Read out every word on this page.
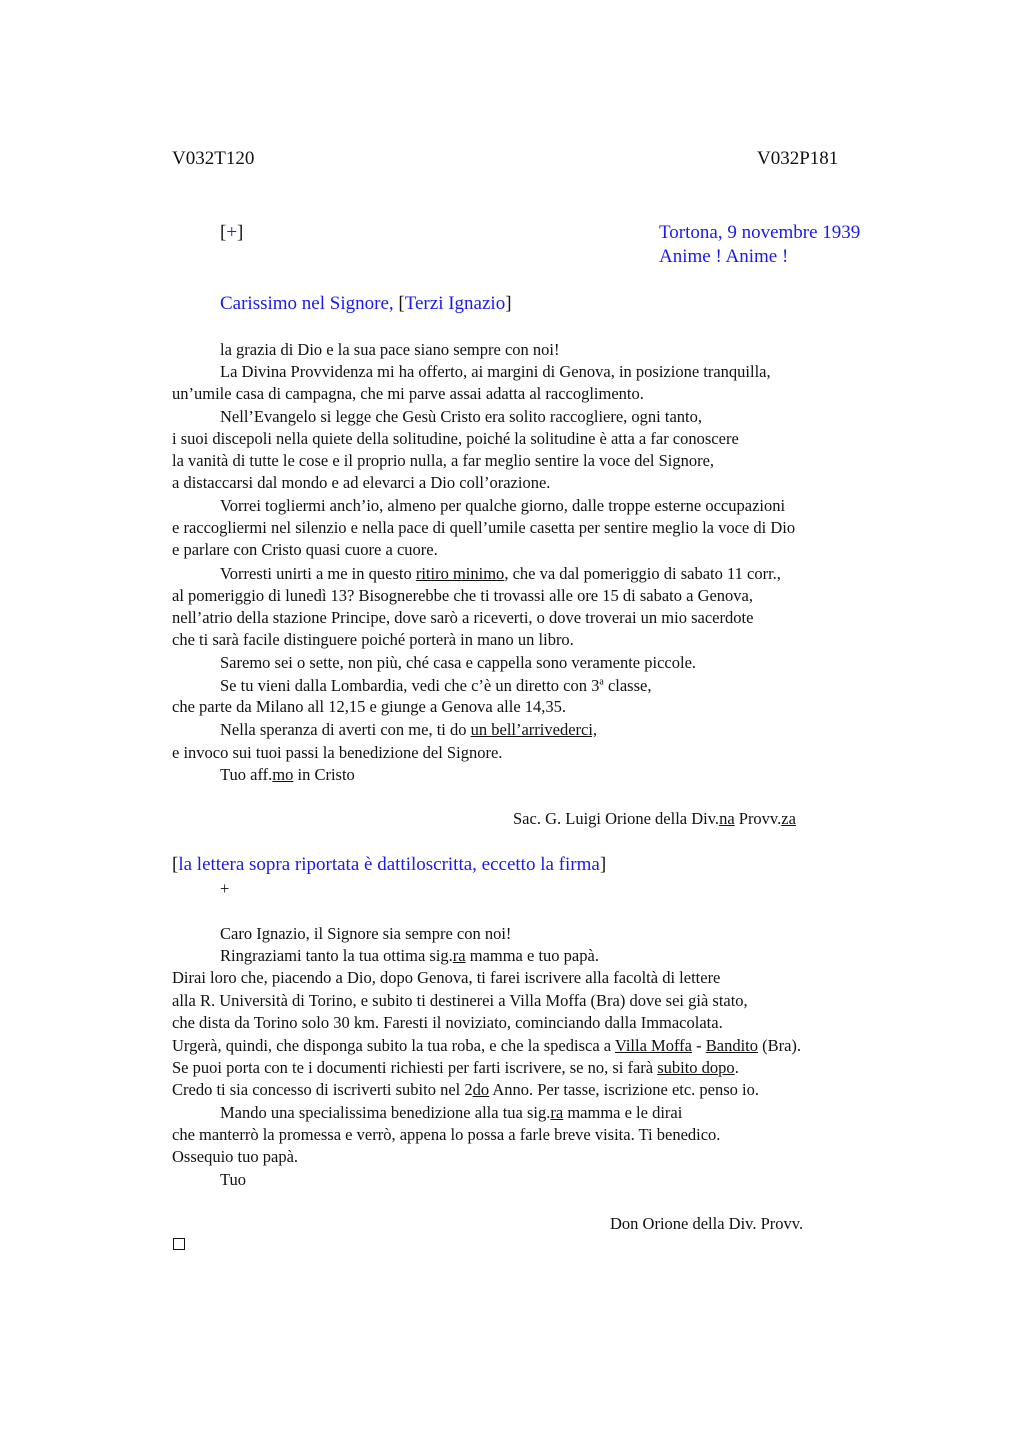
V032T120	V032P181
[+]	Tortona, 9 novembre 1939
Anime ! Anime !
Carissimo nel Signore, [Terzi Ignazio]
la grazia di Dio e la sua pace siano sempre con noi!
La Divina Provvidenza mi ha offerto, ai margini di Genova, in posizione tranquilla,
un’umile casa di campagna, che mi parve assai adatta al raccoglimento.
Nell’Evangelo si legge che Gesù Cristo era solito raccogliere, ogni tanto,
i suoi discepoli nella quiete della solitudine, poiché la solitudine è atta a far conoscere
la vanità di tutte le cose e il proprio nulla, a far meglio sentire la voce del Signore,
a distaccarsi dal mondo e ad elevarci a Dio coll’orazione.
Vorrei togliermi anch’io, almeno per qualche giorno, dalle troppe esterne occupazioni
e raccogliermi nel silenzio e nella pace di quell’umile casetta per sentire meglio la voce di Dio
e parlare con Cristo quasi cuore a cuore.
Vorresti unirti a me in questo ritiro minimo, che va dal pomeriggio di sabato 11 corr.,
al pomeriggio di lunedì 13? Bisognerebbe che ti trovassi alle ore 15 di sabato a Genova,
nell’atrio della stazione Principe, dove sarò a riceverti, o dove troverai un mio sacerdote
che ti sarà facile distinguere poiché porterà in mano un libro.
Saremo sei o sette, non più, ché casa e cappella sono veramente piccole.
Se tu vieni dalla Lombardia, vedi che c’è un diretto con 3$^a$ classe,
che parte da Milano all 12,15 e giunge a Genova alle 14,35.
Nella speranza di averti con me, ti do un bell’arrivederci,
e invoco sui tuoi passi la benedizione del Signore.
Tuo aff.mo in Cristo
Sac. G. Luigi Orione della Div.na Provv.za
[la lettera sopra riportata è dattiloscritta, eccetto la firma]
+
Caro Ignazio, il Signore sia sempre con noi!
Ringraziami tanto la tua ottima sig.ra mamma e tuo papà.
Dirai loro che, piacendo a Dio, dopo Genova, ti farei iscrivere alla facoltà di lettere
alla R. Università di Torino, e subito ti destinerei a Villa Moffa (Bra) dove sei già stato,
che dista da Torino solo 30 km. Faresti il noviziato, cominciando dalla Immacolata.
Urgerà, quindi, che disponga subito la tua roba, e che la spedisca a Villa Moffa - Bandito (Bra).
Se puoi porta con te i documenti richiesti per farti iscrivere, se no, si farà subito dopo.
Credo ti sia concesso di iscriverti subito nel 2do Anno. Per tasse, iscrizione etc. penso io.
Mando una specialissima benedizione alla tua sig.ra mamma e le dirai
che manterrò la promessa e verrò, appena lo possa a farle breve visita. Ti benedico.
Ossequio tuo papà.
Tuo
Don Orione della Div. Provv.
